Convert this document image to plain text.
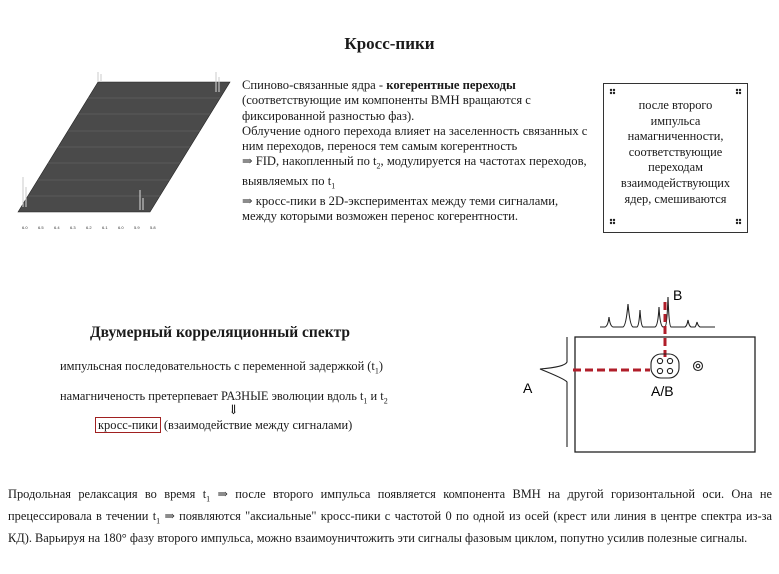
Кросс-пики
6.0	6.5	6.4	6.3	6.2	6.1	6.0	5.9	5.8

Спиново-связанные ядра - когерентные переходы (соответствующие им компоненты ВМН вращаются с фиксированной разностью фаз).

Облучение одного перехода влияет на заселенность связанных с ним переходов, перенося тем самым когерентность

⇒ FID, накопленный по $t_2$, модулируется на частотах переходов, выявляемых по $t_1$

⇒ кросс-пики в 2D-экспериментах между теми сигналами, между которыми возможен перенос когерентности.

после второго импульса намагниченности, соответствующие переходам взаимодействующих ядер, смешиваются
Двумерный корреляционный спектр
импульсная последовательность с переменной задержкой $(t_1)$
намагниченость претерпевает РАЗНЫЕ эволюции вдоль $t_1$ и $t_2$
⇓
кросс-пики (взаимодействие между сигналами)
B
A	A/B
Продольная релаксация во время $t_1$ ⇒ после второго импульса появляется компонента ВМН на другой горизонтальной оси. Она не прецессировала в течении $t_1$ ⇒ появляются "аксиальные" кросс-пики с частотой 0 по одной из осей (крест или линия в центре спектра из-за КД). Варьируя на 180° фазу второго импульса, можно взаимоуничтожить эти сигналы фазовым циклом, попутно усилив полезные сигналы.
